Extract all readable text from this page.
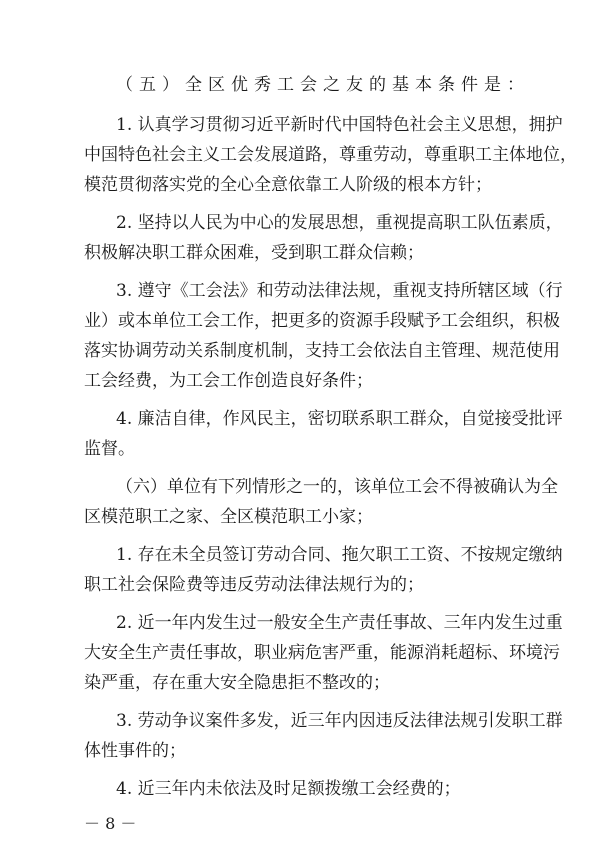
（五）全区优秀工会之友的基本条件是：
1. 认真学习贯彻习近平新时代中国特色社会主义思想，拥护
中国特色社会主义工会发展道路，尊重劳动，尊重职工主体地位，
模范贯彻落实党的全心全意依靠工人阶级的根本方针；
2. 坚持以人民为中心的发展思想，重视提高职工队伍素质，
积极解决职工群众困难，受到职工群众信赖；
3. 遵守《工会法》和劳动法律法规，重视支持所辖区域（行
业）或本单位工会工作，把更多的资源手段赋予工会组织，积极
落实协调劳动关系制度机制，支持工会依法自主管理、规范使用
工会经费，为工会工作创造良好条件；
4. 廉洁自律，作风民主，密切联系职工群众，自觉接受批评
监督。
（六）单位有下列情形之一的，该单位工会不得被确认为全
区模范职工之家、全区模范职工小家；
1. 存在未全员签订劳动合同、拖欠职工工资、不按规定缴纳
职工社会保险费等违反劳动法律法规行为的；
2. 近一年内发生过一般安全生产责任事故、三年内发生过重
大安全生产责任事故，职业病危害严重，能源消耗超标、环境污
染严重，存在重大安全隐患拒不整改的；
3. 劳动争议案件多发，近三年内因违反法律法规引发职工群
体性事件的；
4. 近三年内未依法及时足额拨缴工会经费的；
－ 8 －
